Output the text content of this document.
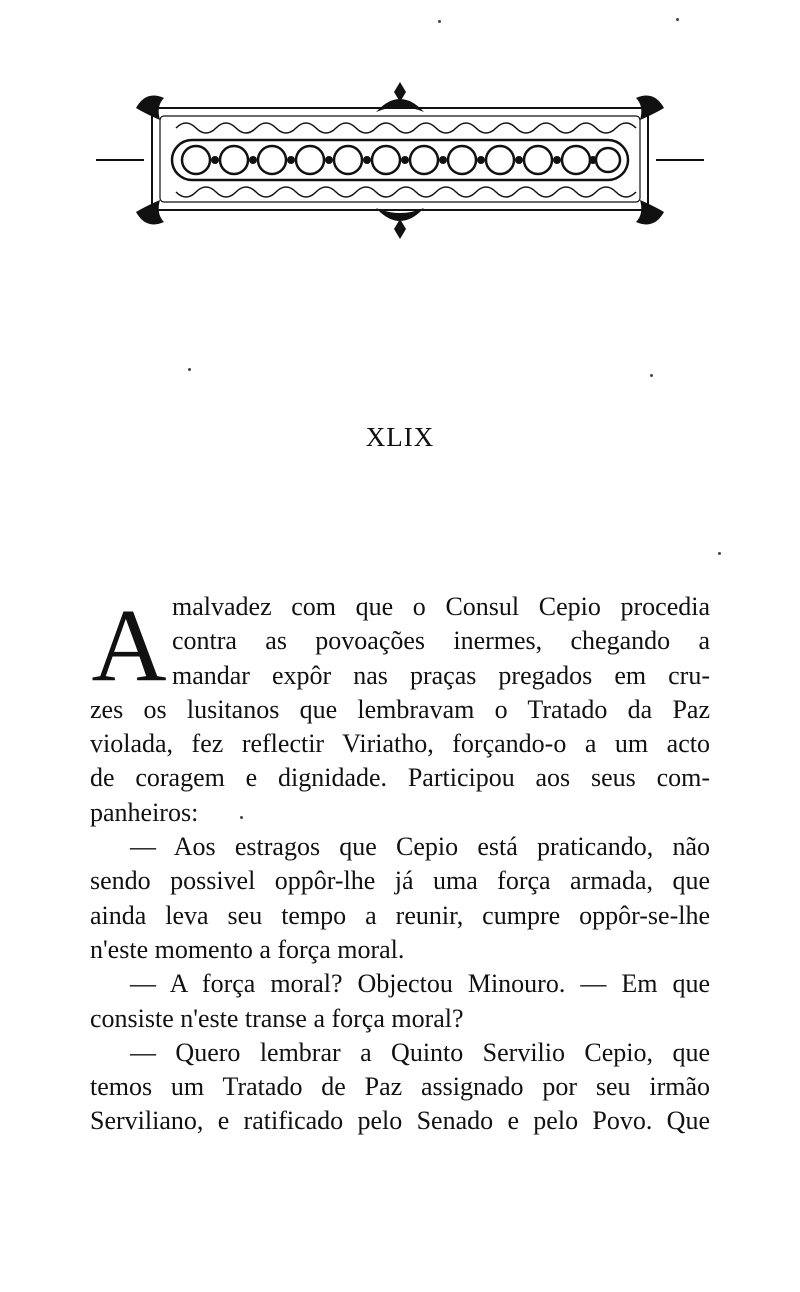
XLIX
A malvadez com que o Consul Cepio procedia
contra as povoações inermes, chegando a
mandar expôr nas praças pregados em cru-
zes os lusitanos que lembravam o Tratado da Paz
violada, fez reflectir Viriatho, forçando-o a um acto
de coragem e dignidade. Participou aos seus com-
panheiros:
— Aos estragos que Cepio está praticando, não
sendo possivel oppôr-lhe já uma força armada, que
ainda leva seu tempo a reunir, cumpre oppôr-se-lhe
n'este momento a força moral.
— A força moral? Objectou Minouro. — Em que
consiste n'este transe a força moral?
— Quero lembrar a Quinto Servilio Cepio, que
temos um Tratado de Paz assignado por seu irmão
Serviliano, e ratificado pelo Senado e pelo Povo. Que
